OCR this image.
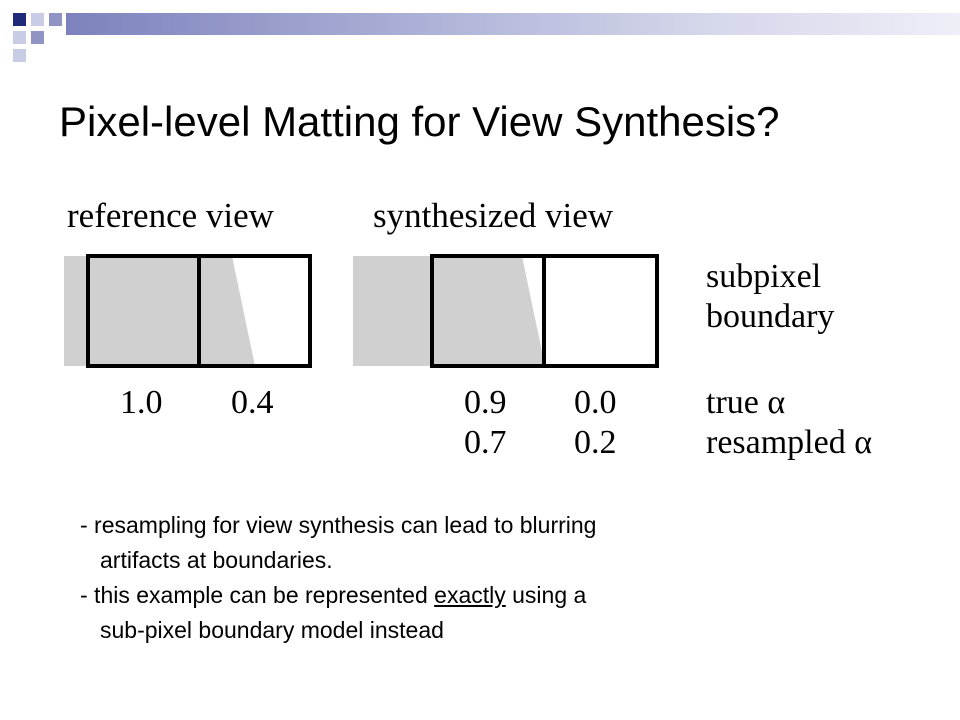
Pixel-level Matting for View Synthesis?
reference view	synthesized view
subpixel
boundary
1.0 0.4	0.9 0.0
0.7 0.2
true α
resampled α
- resampling for view synthesis can lead to blurring
artifacts at boundaries.
- this example can be represented exactly using a
sub-pixel boundary model instead
